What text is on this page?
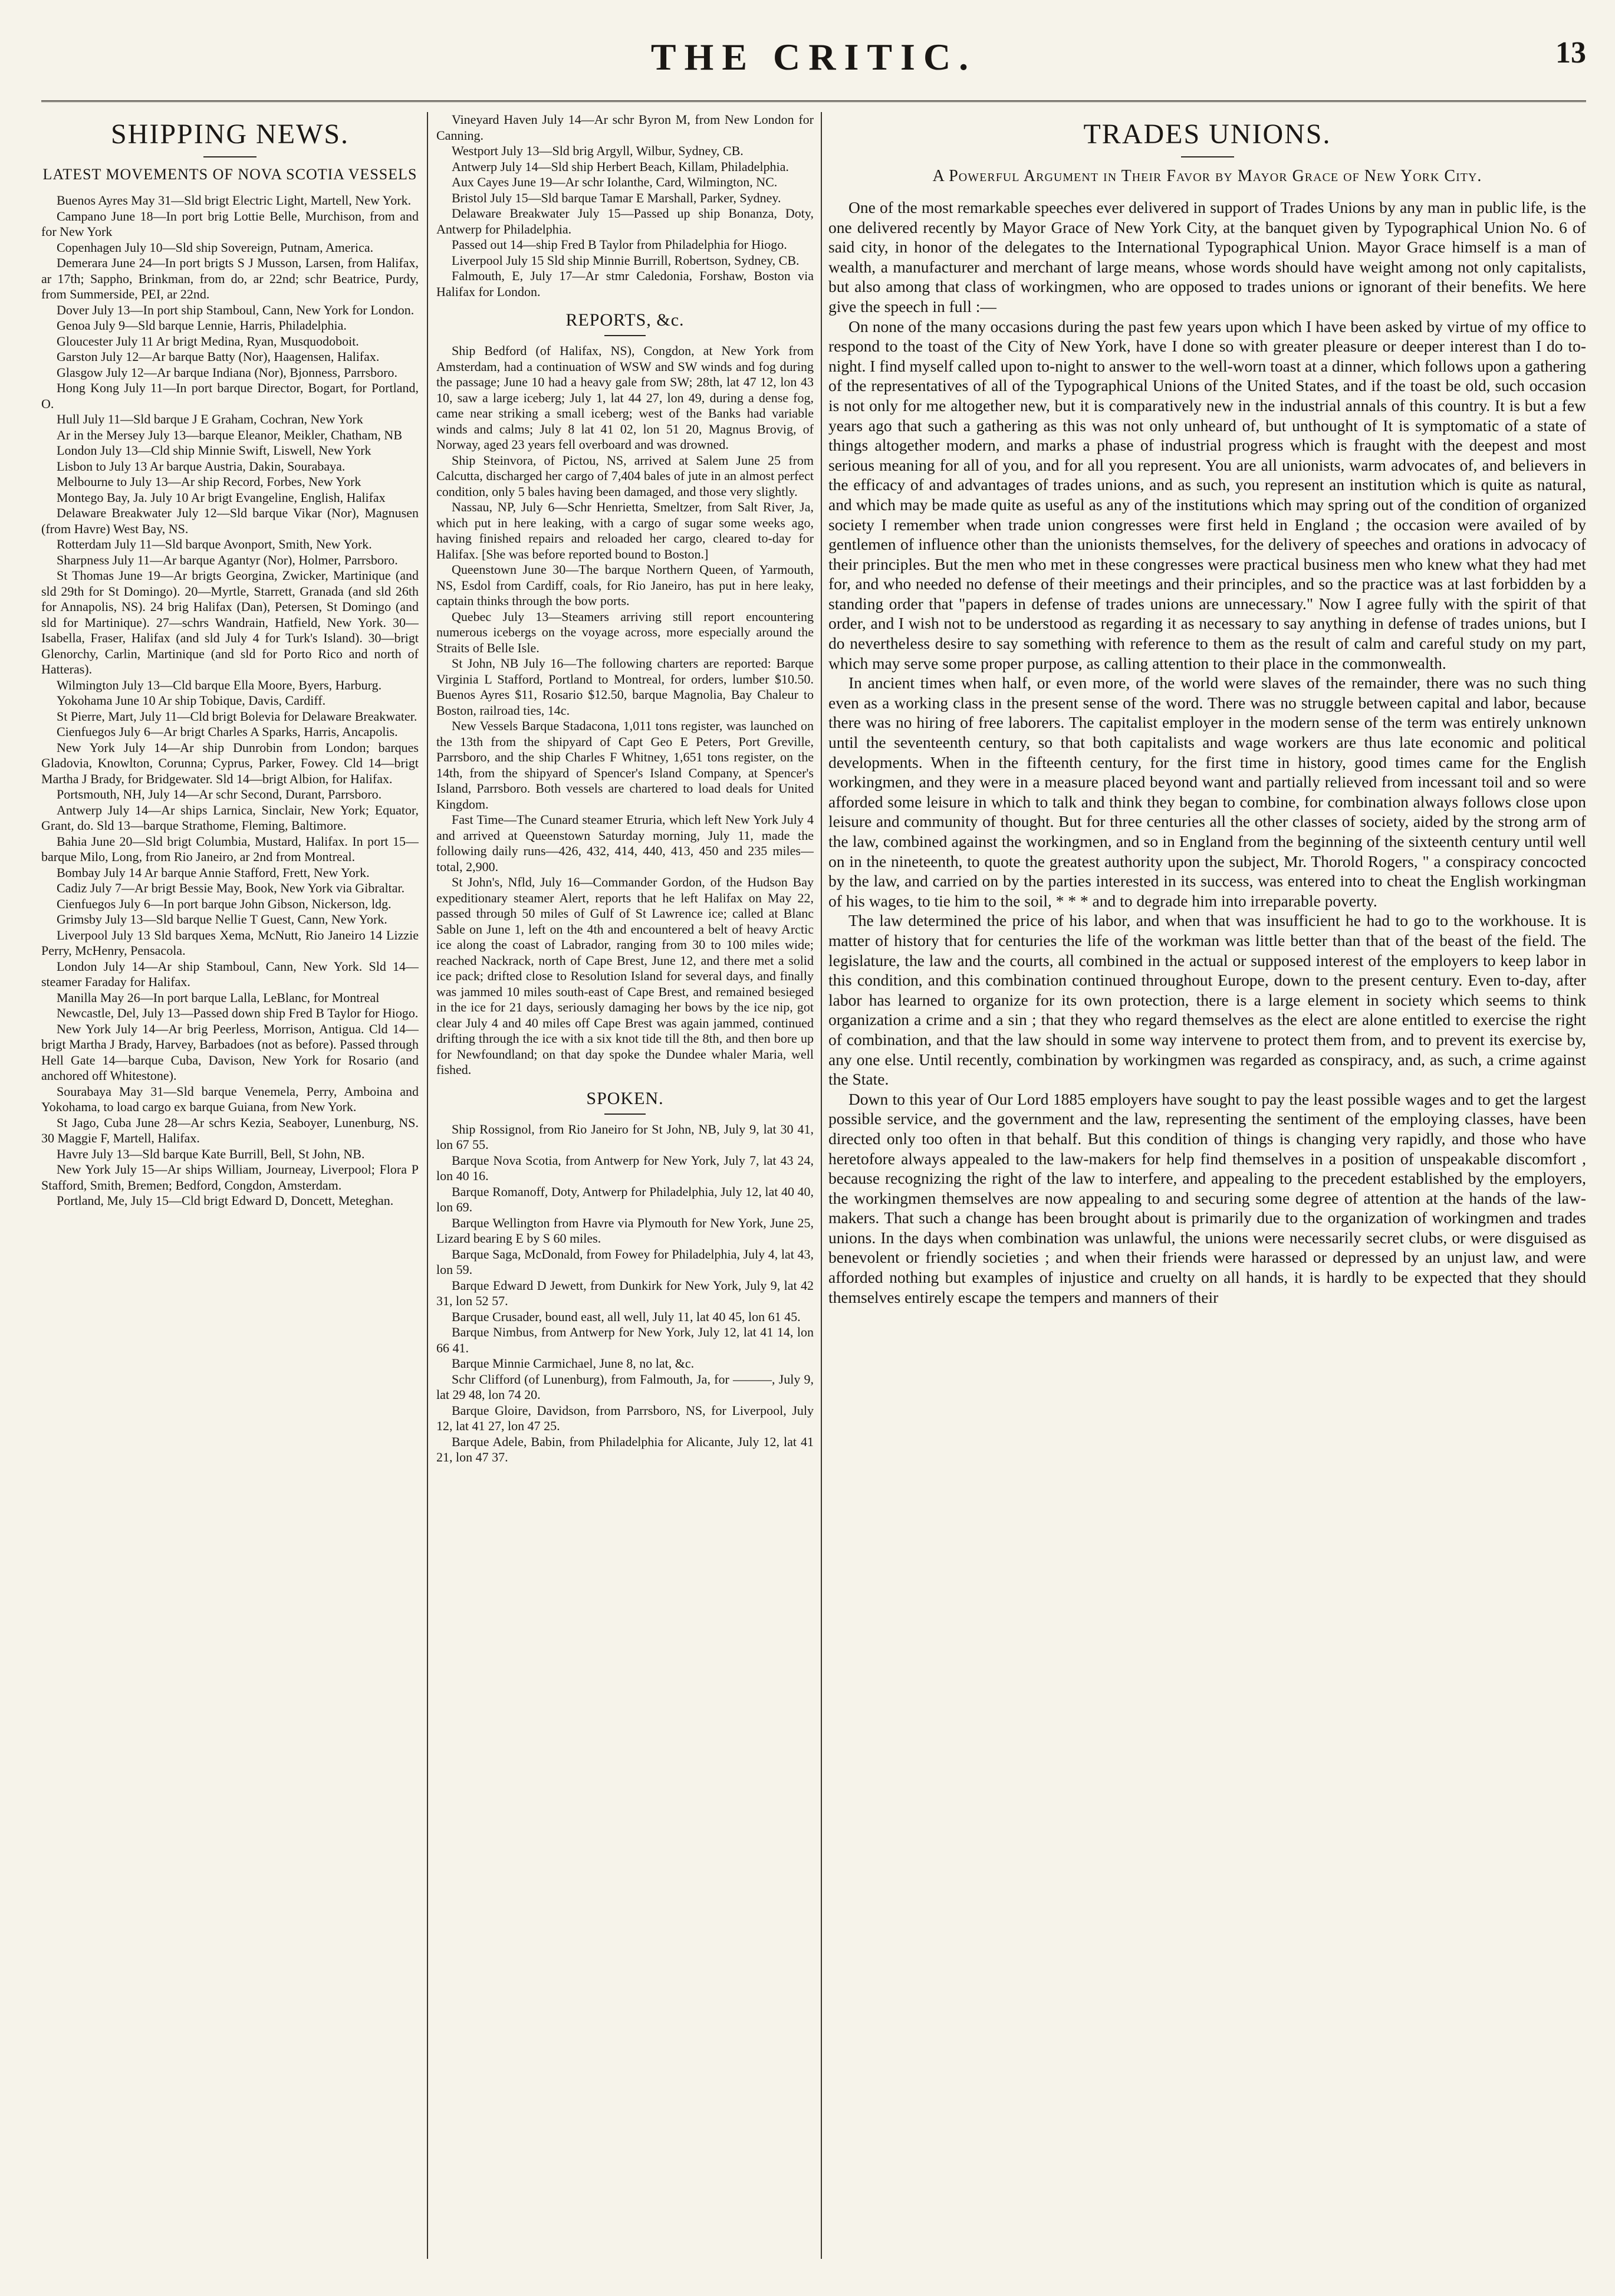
THE CRITIC.	13
SHIPPING NEWS.
LATEST MOVEMENTS OF NOVA SCOTIA VESSELS

Buenos Ayres May 31—Sld brigt Electric Light, Martell, New York.

Campano June 18—In port brig Lottie Belle, Murchison, from and for New York

Copenhagen July 10—Sld ship Sovereign, Putnam, America.

Demerara June 24—In port brigts S J Musson, Larsen, from Halifax, ar 17th; Sappho, Brinkman, from do, ar 22nd; schr Beatrice, Purdy, from Summerside, PEI, ar 22nd.

Dover July 13—In port ship Stamboul, Cann, New York for London.

Genoa July 9—Sld barque Lennie, Harris, Philadelphia.

Gloucester July 11 Ar brigt Medina, Ryan, Musquodoboit.

Garston July 12—Ar barque Batty (Nor), Haagensen, Halifax.

Glasgow July 12—Ar barque Indiana (Nor), Bjonness, Parrsboro.

Hong Kong July 11—In port barque Director, Bogart, for Portland, O.

Hull July 11—Sld barque J E Graham, Cochran, New York

Ar in the Mersey July 13—barque Eleanor, Meikler, Chatham, NB

London July 13—Cld ship Minnie Swift, Liswell, New York

Lisbon to July 13 Ar barque Austria, Dakin, Sourabaya.

Melbourne to July 13—Ar ship Record, Forbes, New York

Montego Bay, Ja. July 10 Ar brigt Evangeline, English, Halifax

Delaware Breakwater July 12—Sld barque Vikar (Nor), Magnusen (from Havre) West Bay, NS.

Rotterdam July 11—Sld barque Avonport, Smith, New York.

Sharpness July 11—Ar barque Agantyr (Nor), Holmer, Parrsboro.

St Thomas June 19—Ar brigts Georgina, Zwicker, Martinique (and sld 29th for St Domingo). 20—Myrtle, Starrett, Granada (and sld 26th for Annapolis, NS). 24 brig Halifax (Dan), Petersen, St Domingo (and sld for Martinique). 27—schrs Wandrain, Hatfield, New York. 30—Isabella, Fraser, Halifax (and sld July 4 for Turk's Island). 30—brigt Glenorchy, Carlin, Martinique (and sld for Porto Rico and north of Hatteras).

Wilmington July 13—Cld barque Ella Moore, Byers, Harburg.

Yokohama June 10 Ar ship Tobique, Davis, Cardiff.

St Pierre, Mart, July 11—Cld brigt Bolevia for Delaware Breakwater.

Cienfuegos July 6—Ar brigt Charles A Sparks, Harris, Ancapolis.

New York July 14—Ar ship Dunrobin from London; barques Gladovia, Knowlton, Corunna; Cyprus, Parker, Fowey. Cld 14—brigt Martha J Brady, for Bridgewater. Sld 14—brigt Albion, for Halifax.

Portsmouth, NH, July 14—Ar schr Second, Durant, Parrsboro.

Antwerp July 14—Ar ships Larnica, Sinclair, New York; Equator, Grant, do. Sld 13—barque Strathome, Fleming, Baltimore.

Bahia June 20—Sld brigt Columbia, Mustard, Halifax. In port 15—barque Milo, Long, from Rio Janeiro, ar 2nd from Montreal.

Bombay July 14 Ar barque Annie Stafford, Frett, New York.

Cadiz July 7—Ar brigt Bessie May, Book, New York via Gibraltar.

Cienfuegos July 6—In port barque John Gibson, Nickerson, ldg.

Grimsby July 13—Sld barque Nellie T Guest, Cann, New York.

Liverpool July 13 Sld barques Xema, McNutt, Rio Janeiro 14 Lizzie Perry, McHenry, Pensacola.

London July 14—Ar ship Stamboul, Cann, New York. Sld 14—steamer Faraday for Halifax.

Manilla May 26—In port barque Lalla, LeBlanc, for Montreal

Newcastle, Del, July 13—Passed down ship Fred B Taylor for Hiogo.

New York July 14—Ar brig Peerless, Morrison, Antigua. Cld 14—brigt Martha J Brady, Harvey, Barbadoes (not as before). Passed through Hell Gate 14—barque Cuba, Davison, New York for Rosario (and anchored off Whitestone).

Sourabaya May 31—Sld barque Venemela, Perry, Amboina and Yokohama, to load cargo ex barque Guiana, from New York.

St Jago, Cuba June 28—Ar schrs Kezia, Seaboyer, Lunenburg, NS. 30 Maggie F, Martell, Halifax.

Havre July 13—Sld barque Kate Burrill, Bell, St John, NB.

New York July 15—Ar ships William, Journeay, Liverpool; Flora P Stafford, Smith, Bremen; Bedford, Congdon, Amsterdam.

Portland, Me, July 15—Cld brigt Edward D, Doncett, Meteghan.

Vineyard Haven July 14—Ar schr Byron M, from New London for Canning.

Westport July 13—Sld brig Argyll, Wilbur, Sydney, CB.

Antwerp July 14—Sld ship Herbert Beach, Killam, Philadelphia.

Aux Cayes June 19—Ar schr Iolanthe, Card, Wilmington, NC.

Bristol July 15—Sld barque Tamar E Marshall, Parker, Sydney.

Delaware Breakwater July 15—Passed up ship Bonanza, Doty, Antwerp for Philadelphia.

Passed out 14—ship Fred B Taylor from Philadelphia for Hiogo.

Liverpool July 15 Sld ship Minnie Burrill, Robertson, Sydney, CB.

Falmouth, E, July 17—Ar stmr Caledonia, Forshaw, Boston via Halifax for London.

REPORTS, &c.

Ship Bedford (of Halifax, NS), Congdon, at New York from Amsterdam, had a continuation of WSW and SW winds and fog during the passage; June 10 had a heavy gale from SW; 28th, lat 47 12, lon 43 10, saw a large iceberg; July 1, lat 44 27, lon 49, during a dense fog, came near striking a small iceberg; west of the Banks had variable winds and calms; July 8 lat 41 02, lon 51 20, Magnus Brovig, of Norway, aged 23 years fell overboard and was drowned.

Ship Steinvora, of Pictou, NS, arrived at Salem June 25 from Calcutta, discharged her cargo of 7,404 bales of jute in an almost perfect condition, only 5 bales having been damaged, and those very slightly.

Nassau, NP, July 6—Schr Henrietta, Smeltzer, from Salt River, Ja, which put in here leaking, with a cargo of sugar some weeks ago, having finished repairs and reloaded her cargo, cleared to-day for Halifax. [She was before reported bound to Boston.]

Queenstown June 30—The barque Northern Queen, of Yarmouth, NS, Esdol from Cardiff, coals, for Rio Janeiro, has put in here leaky, captain thinks through the bow ports.

Quebec July 13—Steamers arriving still report encountering numerous icebergs on the voyage across, more especially around the Straits of Belle Isle.

St John, NB July 16—The following charters are reported: Barque Virginia L Stafford, Portland to Montreal, for orders, lumber $10.50. Buenos Ayres $11, Rosario $12.50, barque Magnolia, Bay Chaleur to Boston, railroad ties, 14c.

New Vessels Barque Stadacona, 1,011 tons register, was launched on the 13th from the shipyard of Capt Geo E Peters, Port Greville, Parrsboro, and the ship Charles F Whitney, 1,651 tons register, on the 14th, from the shipyard of Spencer's Island Company, at Spencer's Island, Parrsboro. Both vessels are chartered to load deals for United Kingdom.

Fast Time—The Cunard steamer Etruria, which left New York July 4 and arrived at Queenstown Saturday morning, July 11, made the following daily runs—426, 432, 414, 440, 413, 450 and 235 miles—total, 2,900.

St John's, Nfld, July 16—Commander Gordon, of the Hudson Bay expeditionary steamer Alert, reports that he left Halifax on May 22, passed through 50 miles of Gulf of St Lawrence ice; called at Blanc Sable on June 1, left on the 4th and encountered a belt of heavy Arctic ice along the coast of Labrador, ranging from 30 to 100 miles wide; reached Nackrack, north of Cape Brest, June 12, and there met a solid ice pack; drifted close to Resolution Island for several days, and finally was jammed 10 miles south-east of Cape Brest, and remained besieged in the ice for 21 days, seriously damaging her bows by the ice nip, got clear July 4 and 40 miles off Cape Brest was again jammed, continued drifting through the ice with a six knot tide till the 8th, and then bore up for Newfoundland; on that day spoke the Dundee whaler Maria, well fished.

SPOKEN.

Ship Rossignol, from Rio Janeiro for St John, NB, July 9, lat 30 41, lon 67 55.

Barque Nova Scotia, from Antwerp for New York, July 7, lat 43 24, lon 40 16.

Barque Romanoff, Doty, Antwerp for Philadelphia, July 12, lat 40 40, lon 69.

Barque Wellington from Havre via Plymouth for New York, June 25, Lizard bearing E by S 60 miles.

Barque Saga, McDonald, from Fowey for Philadelphia, July 4, lat 43, lon 59.

Barque Edward D Jewett, from Dunkirk for New York, July 9, lat 42 31, lon 52 57.

Barque Crusader, bound east, all well, July 11, lat 40 45, lon 61 45.

Barque Nimbus, from Antwerp for New York, July 12, lat 41 14, lon 66 41.

Barque Minnie Carmichael, June 8, no lat, &c.

Schr Clifford (of Lunenburg), from Falmouth, Ja, for ———, July 9, lat 29 48, lon 74 20.

Barque Gloire, Davidson, from Parrsboro, NS, for Liverpool, July 12, lat 41 27, lon 47 25.

Barque Adele, Babin, from Philadelphia for Alicante, July 12, lat 41 21, lon 47 37.

TRADES UNIONS.
A Powerful Argument in Their Favor by Mayor Grace of New York City.

One of the most remarkable speeches ever delivered in support of Trades Unions by any man in public life, is the one delivered recently by Mayor Grace of New York City, at the banquet given by Typographical Union No. 6 of said city, in honor of the delegates to the International Typographical Union. Mayor Grace himself is a man of wealth, a manufacturer and merchant of large means, whose words should have weight among not only capitalists, but also among that class of workingmen, who are opposed to trades unions or ignorant of their benefits. We here give the speech in full :—

On none of the many occasions during the past few years upon which I have been asked by virtue of my office to respond to the toast of the City of New York, have I done so with greater pleasure or deeper interest than I do to-night. I find myself called upon to-night to answer to the well-worn toast at a dinner, which follows upon a gathering of the representatives of all of the Typographical Unions of the United States, and if the toast be old, such occasion is not only for me altogether new, but it is comparatively new in the industrial annals of this country. It is but a few years ago that such a gathering as this was not only unheard of, but unthought of It is symptomatic of a state of things altogether modern, and marks a phase of industrial progress which is fraught with the deepest and most serious meaning for all of you, and for all you represent. You are all unionists, warm advocates of, and believers in the efficacy of and advantages of trades unions, and as such, you represent an institution which is quite as natural, and which may be made quite as useful as any of the institutions which may spring out of the condition of organized society I remember when trade union congresses were first held in England ; the occasion were availed of by gentlemen of influence other than the unionists themselves, for the delivery of speeches and orations in advocacy of their principles. But the men who met in these congresses were practical business men who knew what they had met for, and who needed no defense of their meetings and their principles, and so the practice was at last forbidden by a standing order that "papers in defense of trades unions are unnecessary." Now I agree fully with the spirit of that order, and I wish not to be understood as regarding it as necessary to say anything in defense of trades unions, but I do nevertheless desire to say something with reference to them as the result of calm and careful study on my part, which may serve some proper purpose, as calling attention to their place in the commonwealth.

In ancient times when half, or even more, of the world were slaves of the remainder, there was no such thing even as a working class in the present sense of the word. There was no struggle between capital and labor, because there was no hiring of free laborers. The capitalist employer in the modern sense of the term was entirely unknown until the seventeenth century, so that both capitalists and wage workers are thus late economic and political developments. When in the fifteenth century, for the first time in history, good times came for the English workingmen, and they were in a measure placed beyond want and partially relieved from incessant toil and so were afforded some leisure in which to talk and think they began to combine, for combination always follows close upon leisure and community of thought. But for three centuries all the other classes of society, aided by the strong arm of the law, combined against the workingmen, and so in England from the beginning of the sixteenth century until well on in the nineteenth, to quote the greatest authority upon the subject, Mr. Thorold Rogers, " a conspiracy concocted by the law, and carried on by the parties interested in its success, was entered into to cheat the English workingman of his wages, to tie him to the soil, * * * and to degrade him into irreparable poverty.

The law determined the price of his labor, and when that was insufficient he had to go to the workhouse. It is matter of history that for centuries the life of the workman was little better than that of the beast of the field. The legislature, the law and the courts, all combined in the actual or supposed interest of the employers to keep labor in this condition, and this combination continued throughout Europe, down to the present century. Even to-day, after labor has learned to organize for its own protection, there is a large element in society which seems to think organization a crime and a sin ; that they who regard themselves as the elect are alone entitled to exercise the right of combination, and that the law should in some way intervene to protect them from, and to prevent its exercise by, any one else. Until recently, combination by workingmen was regarded as conspiracy, and, as such, a crime against the State.

Down to this year of Our Lord 1885 employers have sought to pay the least possible wages and to get the largest possible service, and the government and the law, representing the sentiment of the employing classes, have been directed only too often in that behalf. But this condition of things is changing very rapidly, and those who have heretofore always appealed to the law-makers for help find themselves in a position of unspeakable discomfort , because recognizing the right of the law to interfere, and appealing to the precedent established by the employers, the workingmen themselves are now appealing to and securing some degree of attention at the hands of the law-makers. That such a change has been brought about is primarily due to the organization of workingmen and trades unions. In the days when combination was unlawful, the unions were necessarily secret clubs, or were disguised as benevolent or friendly societies ; and when their friends were harassed or depressed by an unjust law, and were afforded nothing but examples of injustice and cruelty on all hands, it is hardly to be expected that they should themselves entirely escape the tempers and manners of their
